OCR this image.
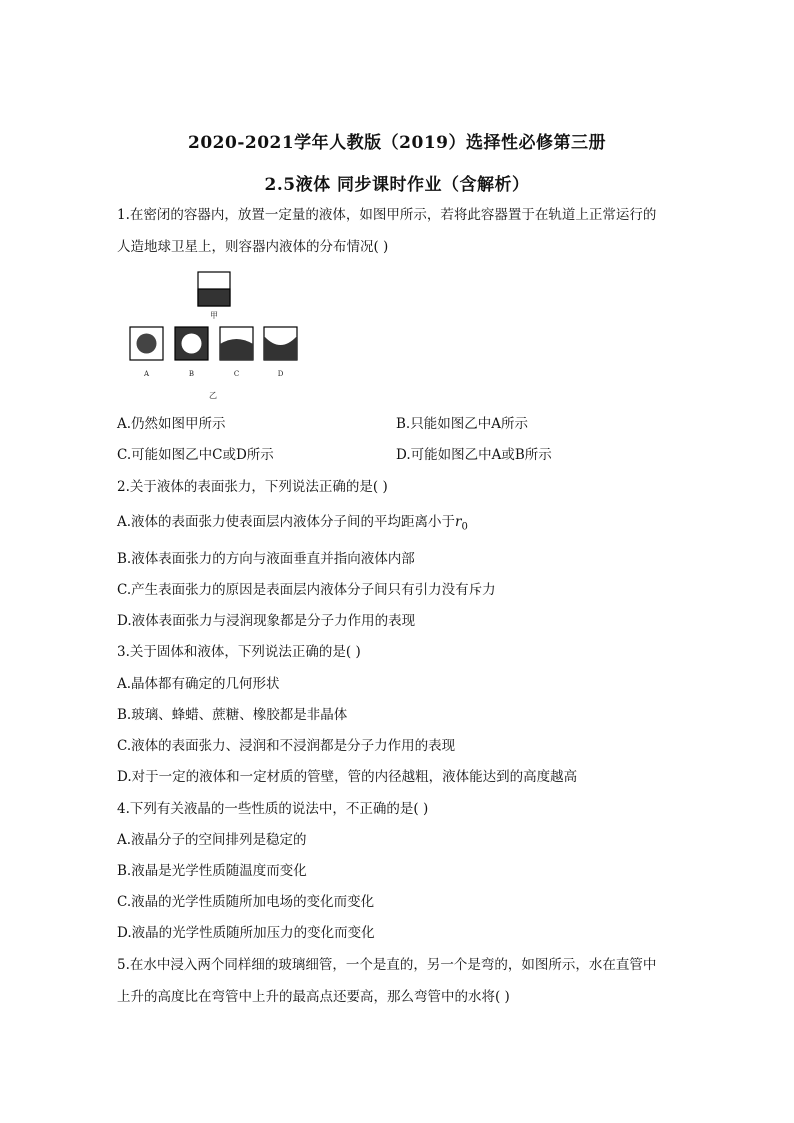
2020-2021学年人教版（2019）选择性必修第三册
2.5液体 同步课时作业（含解析）
1.在密闭的容器内，放置一定量的液体，如图甲所示，若将此容器置于在轨道上正常运行的
人造地球卫星上，则容器内液体的分布情况( )
甲
A	B	C	D
乙
A.仍然如图甲所示	B.只能如图乙中A所示
C.可能如图乙中C或D所示	D.可能如图乙中A或B所示
2.关于液体的表面张力，下列说法正确的是( )
A.液体的表面张力使表面层内液体分子间的平均距离小于$r_0$
B.液体表面张力的方向与液面垂直并指向液体内部
C.产生表面张力的原因是表面层内液体分子间只有引力没有斥力
D.液体表面张力与浸润现象都是分子力作用的表现
3.关于固体和液体，下列说法正确的是( )
A.晶体都有确定的几何形状
B.玻璃、蜂蜡、蔗糖、橡胶都是非晶体
C.液体的表面张力、浸润和不浸润都是分子力作用的表现
D.对于一定的液体和一定材质的管壁，管的内径越粗，液体能达到的高度越高
4.下列有关液晶的一些性质的说法中，不正确的是( )
A.液晶分子的空间排列是稳定的
B.液晶是光学性质随温度而变化
C.液晶的光学性质随所加电场的变化而变化
D.液晶的光学性质随所加压力的变化而变化
5.在水中浸入两个同样细的玻璃细管，一个是直的，另一个是弯的，如图所示，水在直管中
上升的高度比在弯管中上升的最高点还要高，那么弯管中的水将( )
